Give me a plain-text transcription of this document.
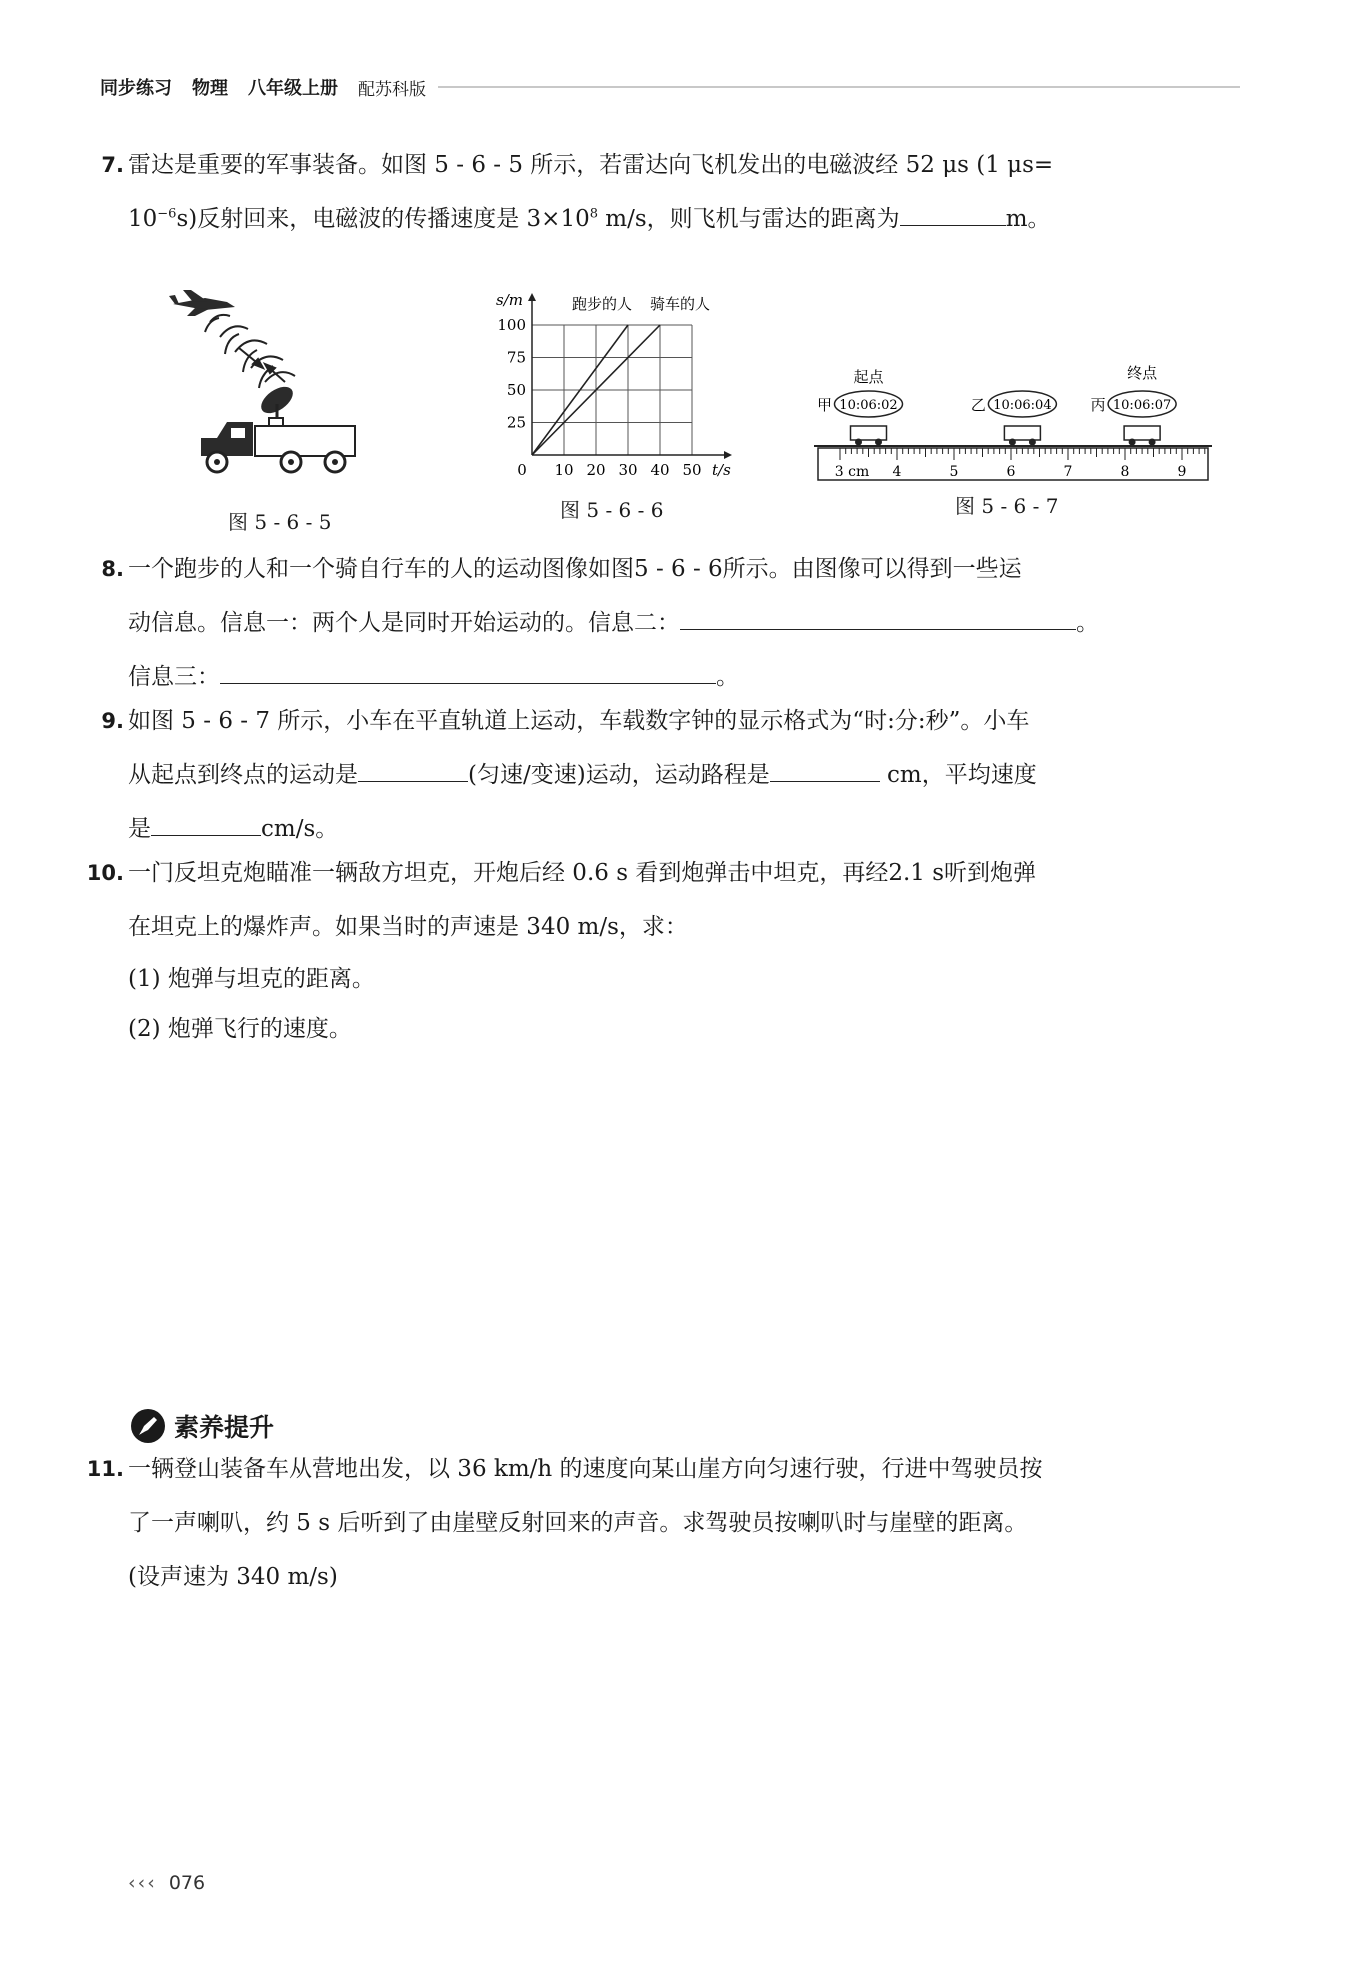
同步练习 物理 八年级上册 配苏科版
7. 雷达是重要的军事装备。如图 5 - 6 - 5 所示，若雷达向飞机发出的电磁波经 52 μs (1 μs=
$10^{-6}s$)反射回来，电磁波的传播速度是 $3\times 10^8$ m/s，则飞机与雷达的距离为	m。
图 5 - 6 - 5
0 10 20 30 40 50
25
50
75
100
t/s
s/m	跑步的人 骑车的人
图 5 - 6 - 6
3 cm 4	5	6	7	8	9
10:06:02
甲	10:06:04
乙	10:06:07
丙
起点	终点
图 5 - 6 - 7
8. 一个跑步的人和一个骑自行车的人的运动图像如图5 - 6 - 6所示。由图像可以得到一些运
动信息。信息一：两个人是同时开始运动的。信息二：	。
信息三：	。
9. 如图 5 - 6 - 7 所示，小车在平直轨道上运动，车载数字钟的显示格式为“时:分:秒”。小车
从起点到终点的运动是	(匀速/变速)运动，运动路程是	cm，平均速度
是	cm/s。
10. 一门反坦克炮瞄准一辆敌方坦克，开炮后经 0.6 s 看到炮弹击中坦克，再经2.1 s听到炮弹
在坦克上的爆炸声。如果当时的声速是 340 m/s，求：
(1) 炮弹与坦克的距离。
(2) 炮弹飞行的速度。
素养提升
11. 一辆登山装备车从营地出发，以 36 km/h 的速度向某山崖方向匀速行驶，行进中驾驶员按
了一声喇叭，约 5 s 后听到了由崖壁反射回来的声音。求驾驶员按喇叭时与崖壁的距离。
(设声速为 340 m/s)
‹‹‹ 076
